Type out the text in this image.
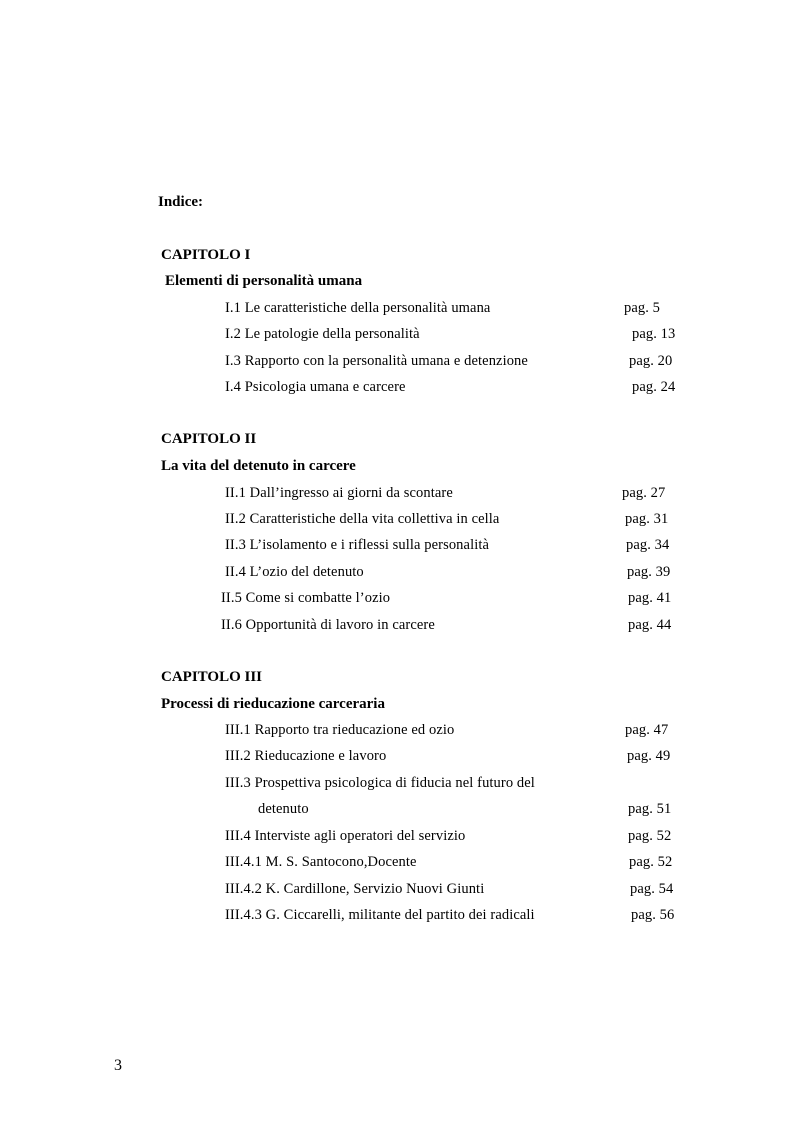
Indice:

CAPITOLO I

Elementi di personalità umana

I.1 Le caratteristiche della personalità umana	pag. 5

I.2 Le patologie della personalità	pag. 13

I.3 Rapporto con la personalità umana e detenzione	pag. 20

I.4 Psicologia umana e carcere	pag. 24

CAPITOLO II

La vita del detenuto in carcere

II.1 Dall’ingresso ai giorni da scontare	pag. 27

II.2 Caratteristiche della vita collettiva in cella	pag. 31

II.3 L’isolamento e i riflessi sulla personalità	pag. 34

II.4 L’ozio del detenuto	pag. 39

II.5 Come si combatte l’ozio	pag. 41

II.6 Opportunità di lavoro in carcere	pag. 44

CAPITOLO III

Processi di rieducazione carceraria

III.1 Rapporto tra rieducazione ed ozio	pag. 47

III.2 Rieducazione e lavoro	pag. 49

III.3 Prospettiva psicologica di fiducia nel futuro del

detenuto	pag. 51

III.4 Interviste agli operatori del servizio	pag. 52

III.4.1 M. S. Santocono,Docente	pag. 52

III.4.2 K. Cardillone, Servizio Nuovi Giunti	pag. 54

III.4.3 G. Ciccarelli, militante del partito dei radicali	pag. 56

3
